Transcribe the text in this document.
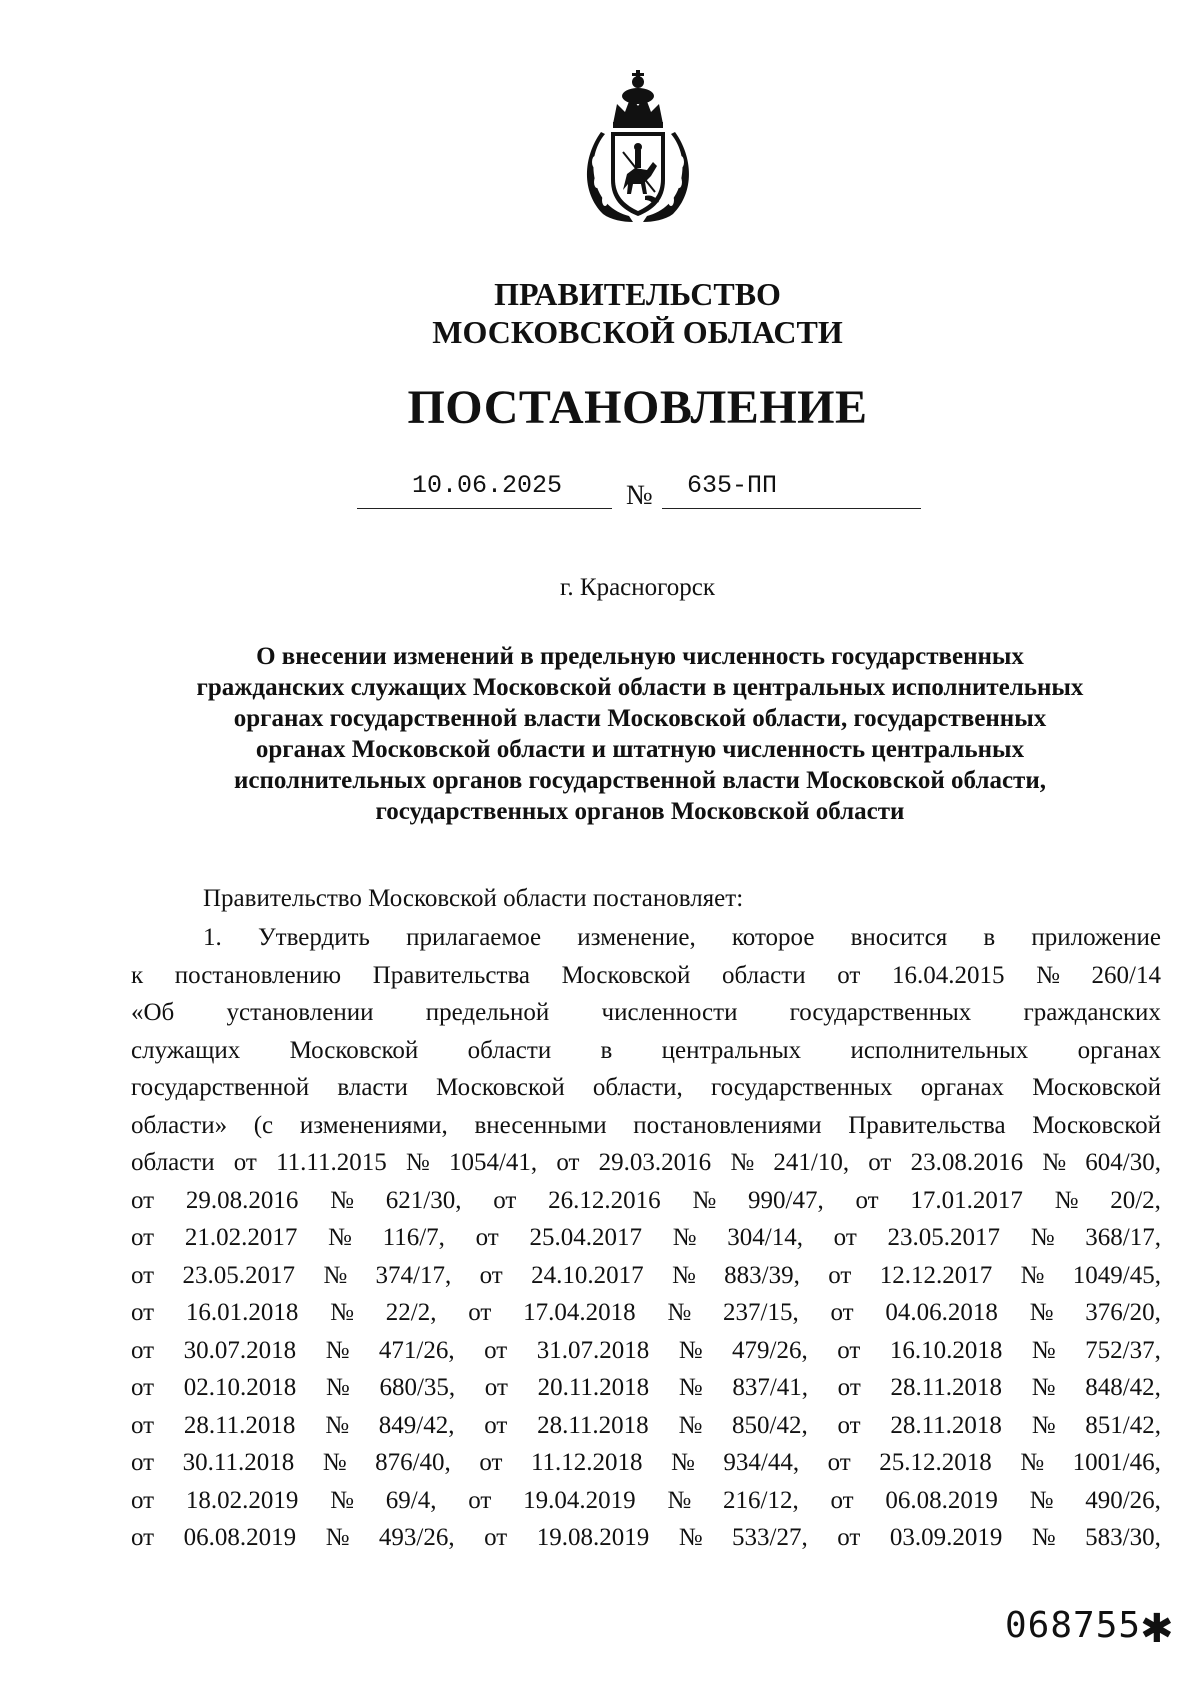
ПРАВИТЕЛЬСТВО
МОСКОВСКОЙ ОБЛАСТИ
ПОСТАНОВЛЕНИЕ
10.06.2025 № 635-ПП
г. Красногорск
О внесении изменений в предельную численность государственных
гражданских служащих Московской области в центральных исполнительных
органах государственной власти Московской области, государственных
органах Московской области и штатную численность центральных
исполнительных органов государственной власти Московской области,
государственных органов Московской области
Правительство Московской области постановляет:
1. Утвердить прилагаемое изменение, которое вносится в приложение
к постановлению Правительства Московской области от 16.04.2015 № 260/14
«Об установлении предельной численности государственных гражданских
служащих Московской области в центральных исполнительных органах
государственной власти Московской области, государственных органах Московской
области» (с изменениями, внесенными постановлениями Правительства Московской
области от 11.11.2015 № 1054/41, от 29.03.2016 № 241/10, от 23.08.2016 № 604/30,
от 29.08.2016 № 621/30, от 26.12.2016 № 990/47, от 17.01.2017 № 20/2,
от 21.02.2017 № 116/7, от 25.04.2017 № 304/14, от 23.05.2017 № 368/17,
от 23.05.2017 № 374/17, от 24.10.2017 № 883/39, от 12.12.2017 № 1049/45,
от 16.01.2018 № 22/2, от 17.04.2018 № 237/15, от 04.06.2018 № 376/20,
от 30.07.2018 № 471/26, от 31.07.2018 № 479/26, от 16.10.2018 № 752/37,
от 02.10.2018 № 680/35, от 20.11.2018 № 837/41, от 28.11.2018 № 848/42,
от 28.11.2018 № 849/42, от 28.11.2018 № 850/42, от 28.11.2018 № 851/42,
от 30.11.2018 № 876/40, от 11.12.2018 № 934/44, от 25.12.2018 № 1001/46,
от 18.02.2019 № 69/4, от 19.04.2019 № 216/12, от 06.08.2019 № 490/26,
от 06.08.2019 № 493/26, от 19.08.2019 № 533/27, от 03.09.2019 № 583/30,
068755
✱
